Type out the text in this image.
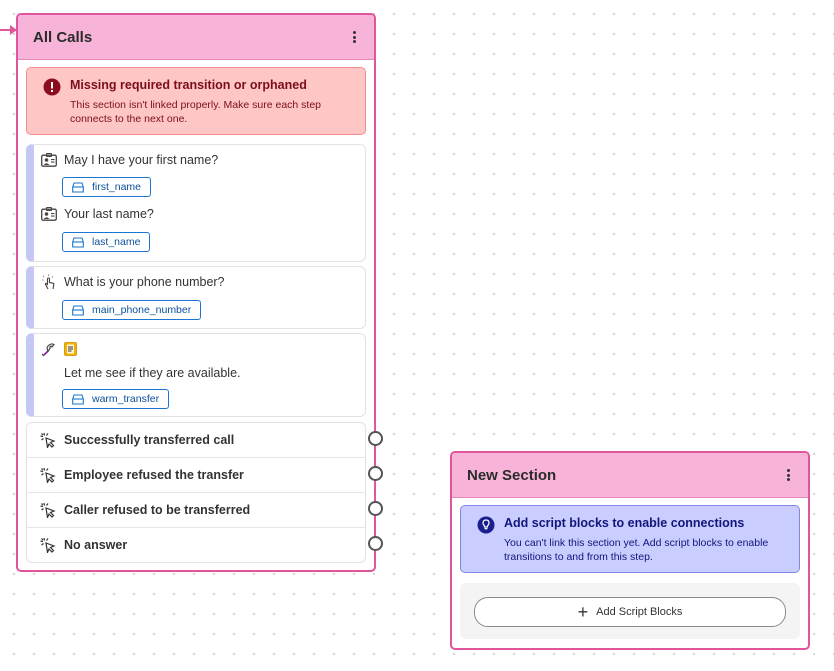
All Calls
Missing required transition or orphaned
This section isn't linked properly. Make sure each step connects to the next one.
May I have your first name?
first_name
Your last name?
last_name
What is your phone number?
main_phone_number
Let me see if they are available.
warm_transfer
Successfully transferred call
Employee refused the transfer
Caller refused to be transferred
No answer
New Section
Add script blocks to enable connections
You can't link this section yet. Add script blocks to enable transitions to and from this step.
+ Add Script Blocks
